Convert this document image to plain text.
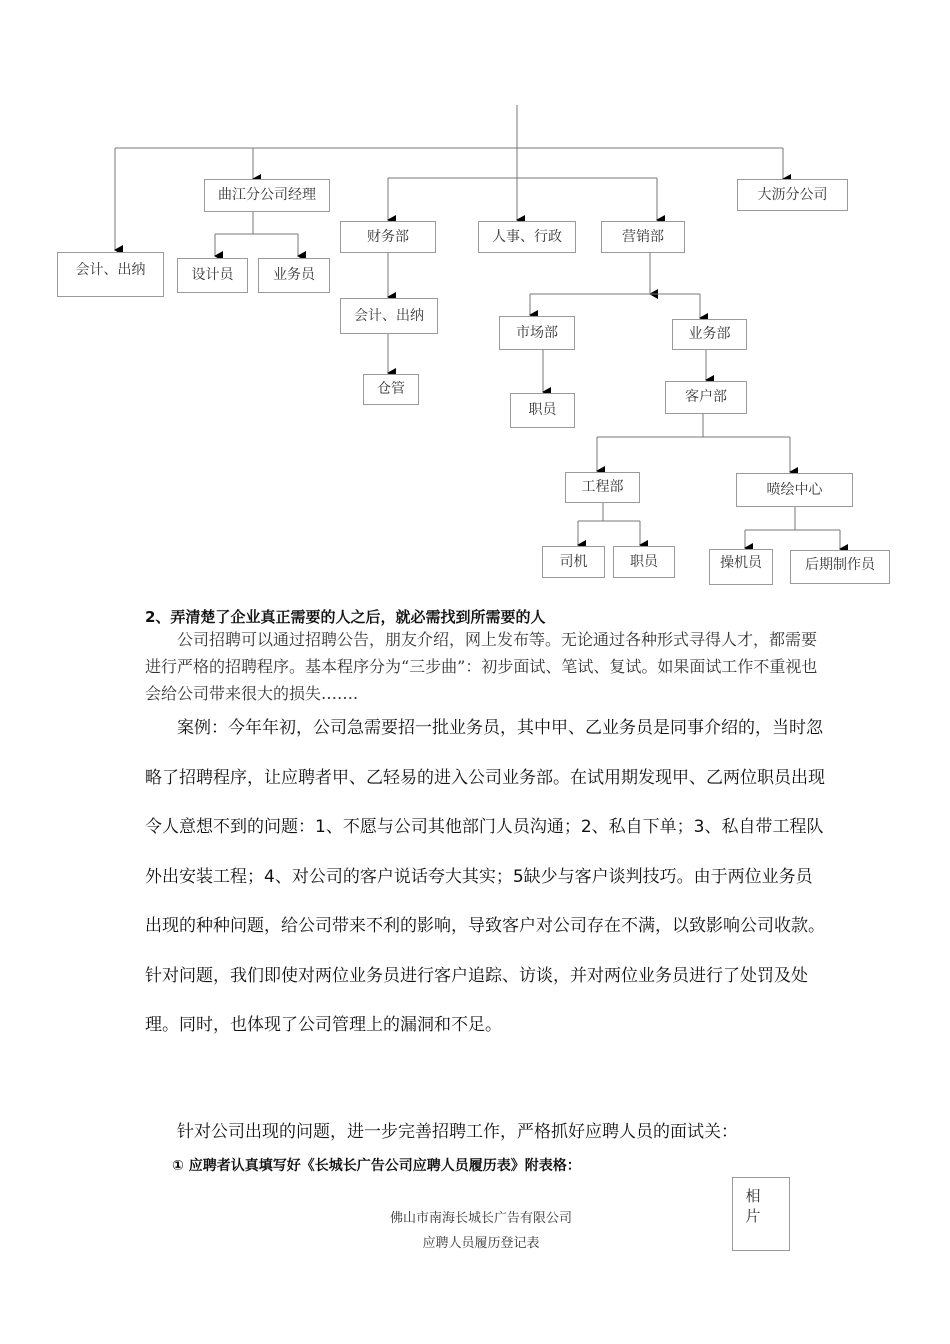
曲江分公司经理	大沥分公司
会计、出纳	设计员	业务员
财务部	人事、行政	营销部
会计、出纳
仓管
市场部	业务部
职员
客户部
工程部	喷绘中心
司机	职员	操机员	后期制作员
2、弄清楚了企业真正需要的人之后，就必需找到所需要的人

公司招聘可以通过招聘公告，朋友介绍，网上发布等。无论通过各种形式寻得人才，都需要进行严格的招聘程序。基本程序分为“三步曲”：初步面试、笔试、复试。如果面试工作不重视也会给公司带来很大的损失…….

案例：今年年初，公司急需要招一批业务员，其中甲、乙业务员是同事介绍的，当时忽略了招聘程序，让应聘者甲、乙轻易的进入公司业务部。在试用期发现甲、乙两位职员出现令人意想不到的问题：1、不愿与公司其他部门人员沟通；2、私自下单；3、私自带工程队外出安装工程；4、对公司的客户说话夸大其实；5缺少与客户谈判技巧。由于两位业务员出现的种种问题，给公司带来不利的影响，导致客户对公司存在不满，以致影响公司收款。针对问题，我们即使对两位业务员进行客户追踪、访谈，并对两位业务员进行了处罚及处理。同时，也体现了公司管理上的漏洞和不足。

针对公司出现的问题，进一步完善招聘工作，严格抓好应聘人员的面试关：
① 应聘者认真填写好《长城长广告公司应聘人员履历表》附表格：
相片
佛山市南海长城长广告有限公司
应聘人员履历登记表
